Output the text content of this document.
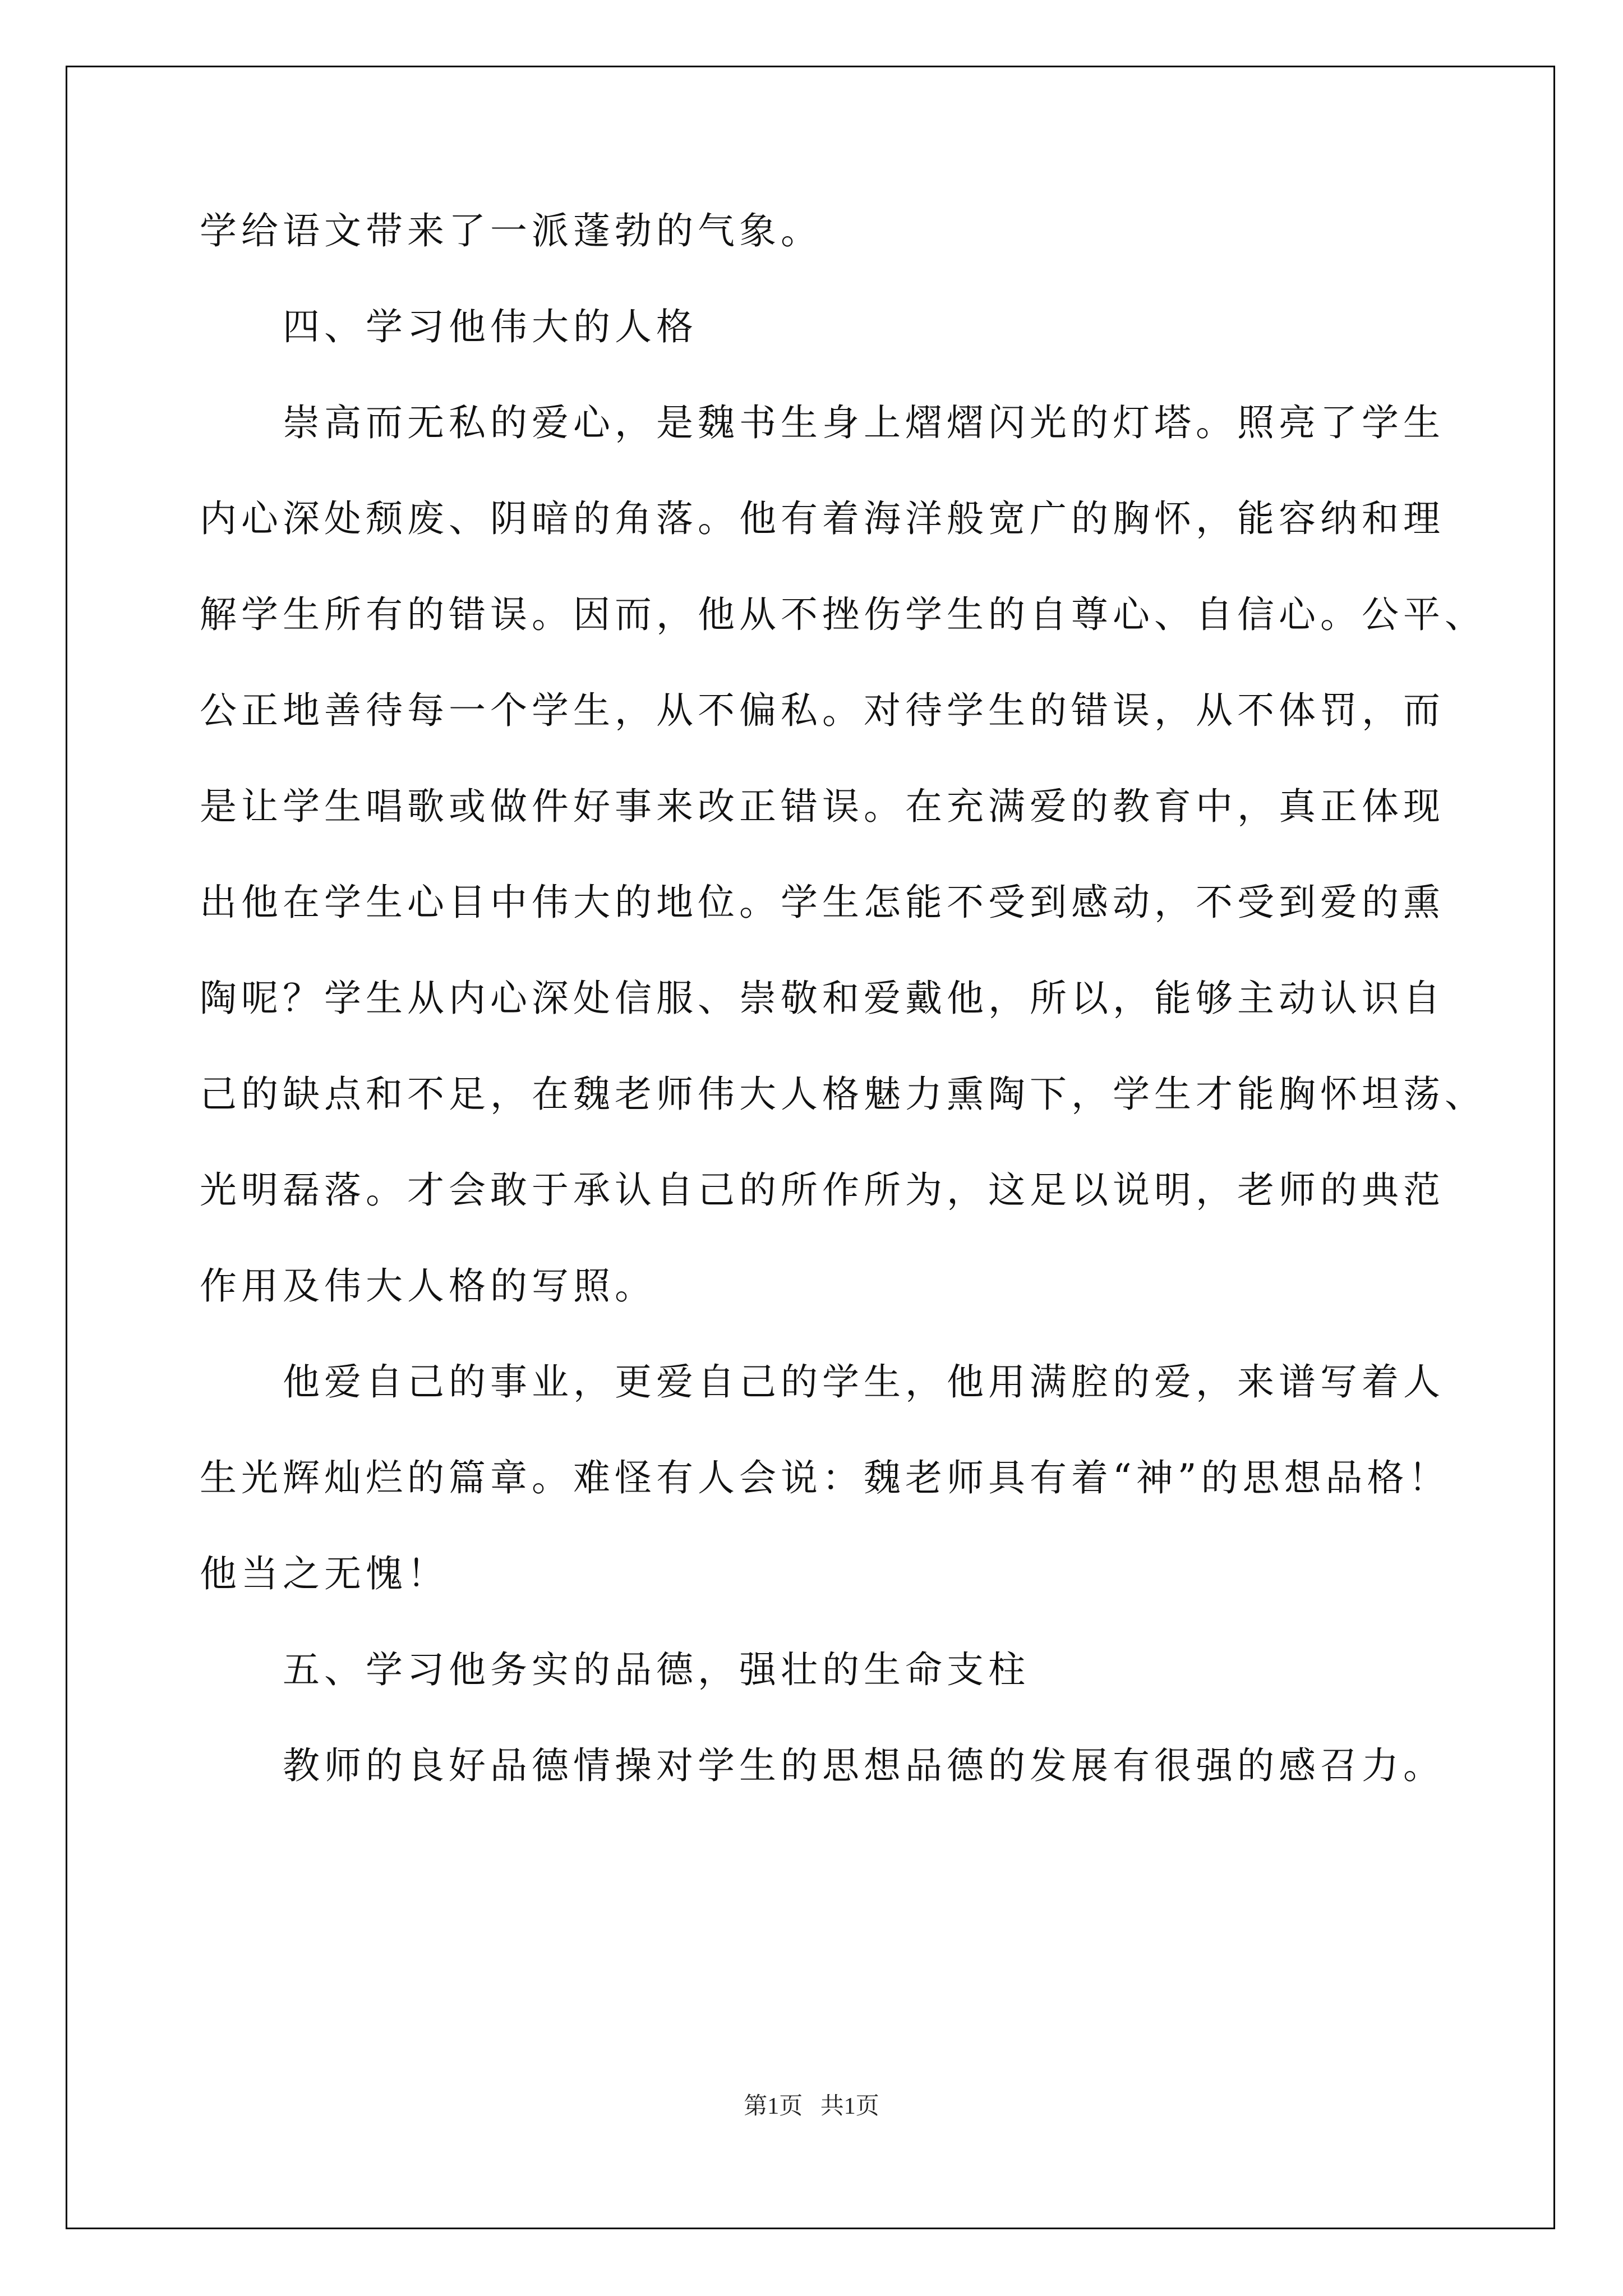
学给语文带来了一派蓬勃的气象。
四、学习他伟大的人格
崇高而无私的爱心，是魏书生身上熠熠闪光的灯塔。照亮了学生
内心深处颓废、阴暗的角落。他有着海洋般宽广的胸怀，能容纳和理
解学生所有的错误。因而，他从不挫伤学生的自尊心、自信心。公平、
公正地善待每一个学生，从不偏私。对待学生的错误，从不体罚，而
是让学生唱歌或做件好事来改正错误。在充满爱的教育中，真正体现
出他在学生心目中伟大的地位。学生怎能不受到感动，不受到爱的熏
陶呢？学生从内心深处信服、崇敬和爱戴他，所以，能够主动认识自
己的缺点和不足，在魏老师伟大人格魅力熏陶下，学生才能胸怀坦荡、
光明磊落。才会敢于承认自己的所作所为，这足以说明，老师的典范
作用及伟大人格的写照。
他爱自己的事业，更爱自己的学生，他用满腔的爱，来谱写着人
生光辉灿烂的篇章。难怪有人会说：魏老师具有着“神”的思想品格！
他当之无愧！
五、学习他务实的品德，强壮的生命支柱
教师的良好品德情操对学生的思想品德的发展有很强的感召力。
第1页   共1页
